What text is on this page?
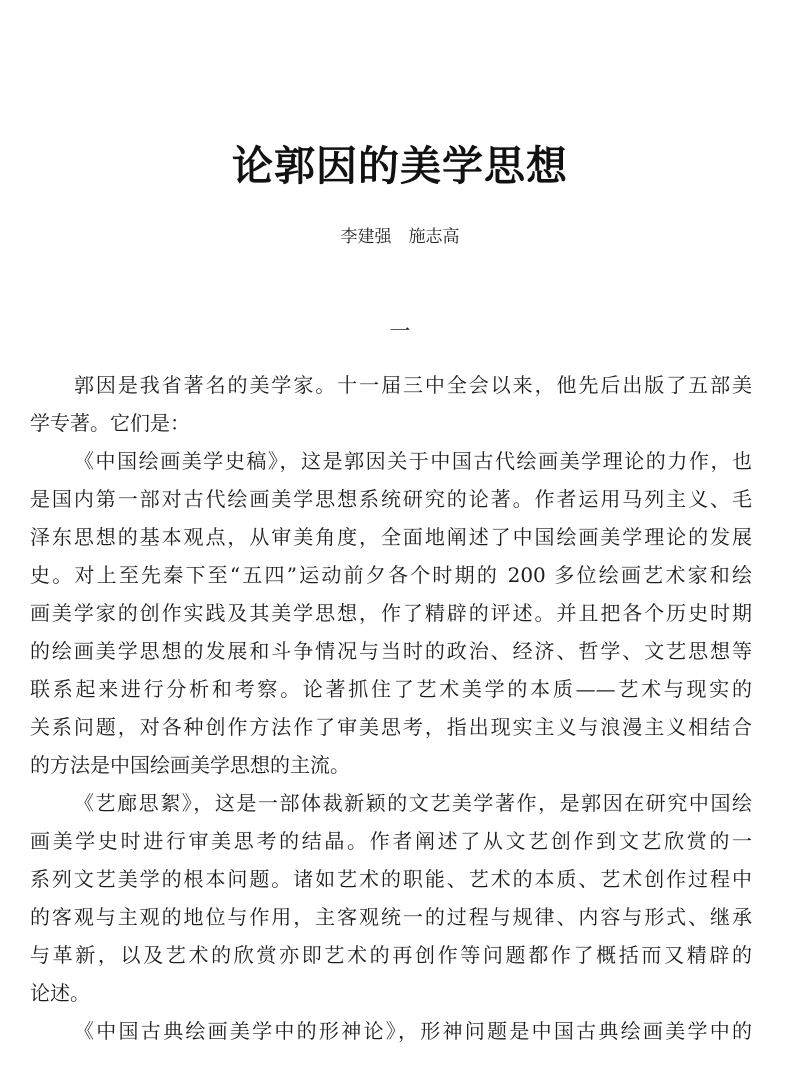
论郭因的美学思想
李建强　施志高
一
郭因是我省著名的美学家。十一届三中全会以来，他先后出版了五部美
学专著。它们是：
《中国绘画美学史稿》，这是郭因关于中国古代绘画美学理论的力作，也
是国内第一部对古代绘画美学思想系统研究的论著。作者运用马列主义、毛
泽东思想的基本观点，从审美角度，全面地阐述了中国绘画美学理论的发展
史。对上至先秦下至“五四”运动前夕各个时期的 200 多位绘画艺术家和绘
画美学家的创作实践及其美学思想，作了精辟的评述。并且把各个历史时期
的绘画美学思想的发展和斗争情况与当时的政治、经济、哲学、文艺思想等
联系起来进行分析和考察。论著抓住了艺术美学的本质——艺术与现实的
关系问题，对各种创作方法作了审美思考，指出现实主义与浪漫主义相结合
的方法是中国绘画美学思想的主流。
《艺廊思絮》，这是一部体裁新颖的文艺美学著作，是郭因在研究中国绘
画美学史时进行审美思考的结晶。作者阐述了从文艺创作到文艺欣赏的一
系列文艺美学的根本问题。诸如艺术的职能、艺术的本质、艺术创作过程中
的客观与主观的地位与作用，主客观统一的过程与规律、内容与形式、继承
与革新，以及艺术的欣赏亦即艺术的再创作等问题都作了概括而又精辟的
论述。
《中国古典绘画美学中的形神论》，形神问题是中国古典绘画美学中的
